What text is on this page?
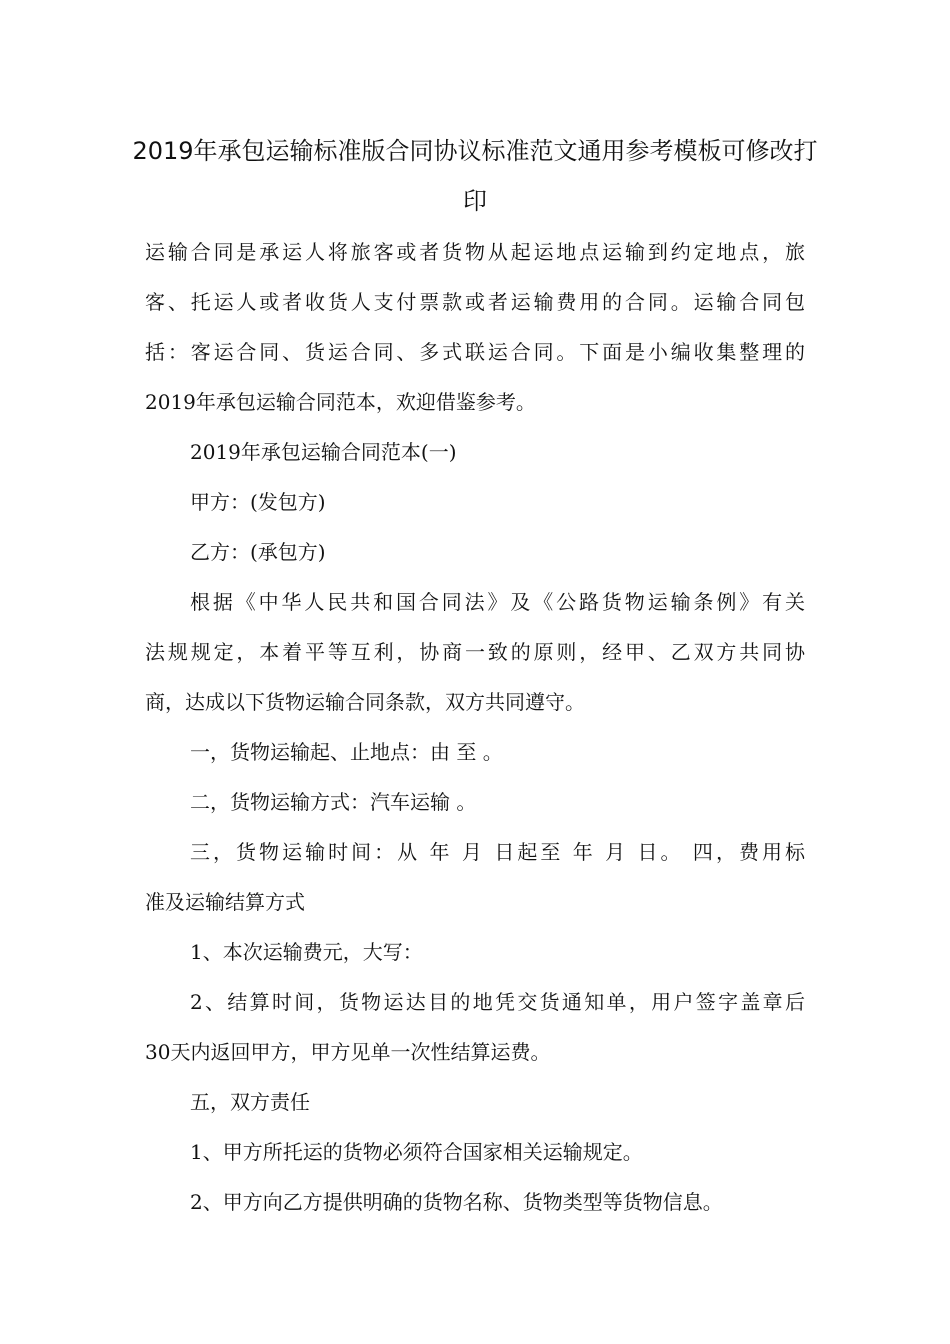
2019年承包运输标准版合同协议标准范文通用参考模板可修改打
印

运输合同是承运人将旅客或者货物从起运地点运输到约定地点，旅

客、托运人或者收货人支付票款或者运输费用的合同。运输合同包

括：客运合同、货运合同、多式联运合同。下面是小编收集整理的

2019年承包运输合同范本，欢迎借鉴参考。

2019年承包运输合同范本(一)

甲方：(发包方)

乙方：(承包方)

根据《中华人民共和国合同法》及《公路货物运输条例》有关

法规规定，本着平等互利，协商一致的原则，经甲、乙双方共同协

商，达成以下货物运输合同条款，双方共同遵守。

一，货物运输起、止地点：由 至 。

二，货物运输方式：汽车运输 。

三，货物运输时间：从 年 月 日起至 年 月 日。 四，费用标

准及运输结算方式

1、本次运输费元，大写：

2、结算时间，货物运达目的地凭交货通知单，用户签字盖章后

30天内返回甲方，甲方见单一次性结算运费。

五，双方责任

1、甲方所托运的货物必须符合国家相关运输规定。

2、甲方向乙方提供明确的货物名称、货物类型等货物信息。
